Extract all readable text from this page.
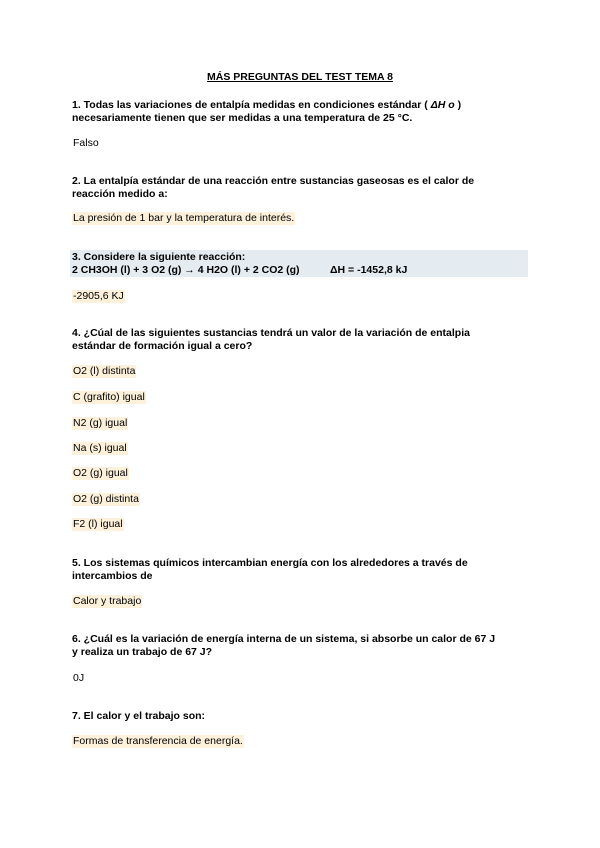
MÁS PREGUNTAS DEL TEST TEMA 8
1. Todas las variaciones de entalpía medidas en condiciones estándar ( ΔH o )
necesariamente tienen que ser medidas a una temperatura de 25 °C.
Falso
2. La entalpía estándar de una reacción entre sustancias gaseosas es el calor de
reacción medido a:
La presión de 1 bar y la temperatura de interés.
3. Considere la siguiente reacción:
2 CH3OH (l) + 3 O2 (g) → 4 H2O (l) + 2 CO2 (g)	ΔH = -1452,8 kJ
-2905,6 KJ
4. ¿Cúal de las siguientes sustancias tendrá un valor de la variación de entalpia
estándar de formación igual a cero?
O2 (l) distinta
C (grafito) igual
N2 (g) igual
Na (s) igual
O2 (g) igual
O2 (g) distinta
F2 (l) igual
5. Los sistemas químicos intercambian energía con los alrededores a través de
intercambios de
Calor y trabajo
6. ¿Cuál es la variación de energía interna de un sistema, si absorbe un calor de 67 J
y realiza un trabajo de 67 J?
0J
7. El calor y el trabajo son:
Formas de transferencia de energía.
